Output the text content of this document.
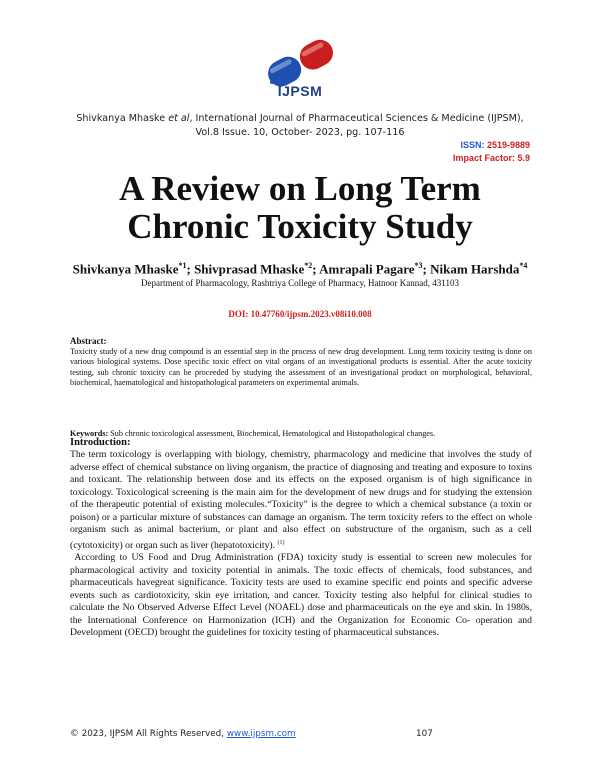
IJPSM
Shivkanya Mhaske et al, International Journal of Pharmaceutical Sciences & Medicine (IJPSM),
Vol.8 Issue. 10, October- 2023, pg. 107-116
ISSN: 2519-9889
Impact Factor: 5.9
A Review on Long Term
Chronic Toxicity Study
Shivkanya Mhaske$^{*1}$; Shivprasad Mhaske$^{*2}$; Amrapali Pagare$^{*3}$; Nikam Harshda$^{*4}$
Department of Pharmacology, Rashtriya College of Pharmacy, Hatnoor Kannad, 431103
DOI: 10.47760/ijpsm.2023.v08i10.008
Abstract:
Toxicity study of a new drug compound is an essential step in the process of new drug development. Long term toxicity testing is done on various biological systems. Dose specific toxic effect on vital organs of an investigational products is essential. After the acute toxicity testing, sub chronic toxicity can be proceeded by studying the assessment of an investigational product on morphological, behavioral, biochemical, haematological and histopathological parameters on experimental animals.
Keywords: Sub chronic toxicological assessment, Biochemical, Hematological and Histopathological changes.
Introduction:

The term toxicology is overlapping with biology, chemistry, pharmacology and medicine that involves the study of adverse effect of chemical substance on living organism, the practice of diagnosing and treating and exposure to toxins and toxicant. The relationship between dose and its effects on the exposed organism is of high significance in toxicology. Toxicological screening is the main aim for the development of new drugs and for studying the extension of the therapeutic potential of existing molecules.“Toxicity” is the degree to which a chemical substance (a toxin or poison) or a particular mixture of substances can damage an organism. The term toxicity refers to the effect on whole organism such as animal bacterium, or plant and also effect on substructure of the organism, such as a cell (cytotoxicity) or organ such as liver (hepatotoxicity). $^{(1)}$

According to US Food and Drug Administration (FDA) toxicity study is essential to screen new molecules for pharmacological activity and toxicity potential in animals. The toxic effects of chemicals, food substances, and pharmaceuticals havegreat significance. Toxicity tests are used to examine specific end points and specific adverse events such as cardiotoxicity, skin eye irritation, and cancer. Toxicity testing also helpful for clinical studies to calculate the No Observed Adverse Effect Level (NOAEL) dose and pharmaceuticals on the eye and skin. In 1980s, the International Conference on Harmonization (ICH) and the Organization for Economic Co- operation and Development (OECD) brought the guidelines for toxicity testing of pharmaceutical substances.

© 2023, IJPSM All Rights Reserved, www.ijpsm.com	107
